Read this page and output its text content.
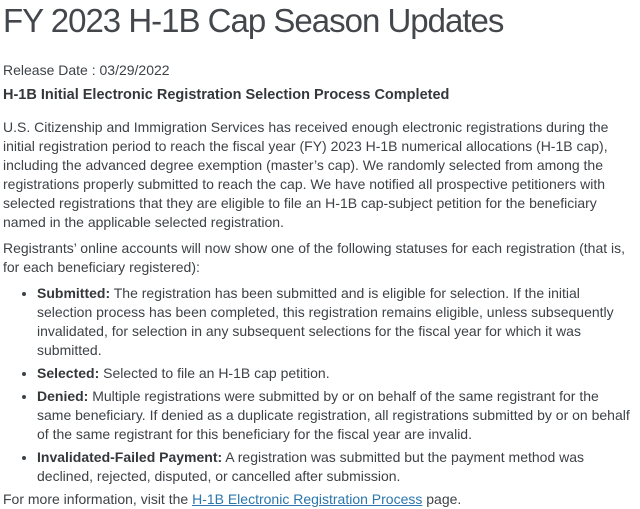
FY 2023 H-1B Cap Season Updates

Release Date : 03/29/2022

H-1B Initial Electronic Registration Selection Process Completed

U.S. Citizenship and Immigration Services has received enough electronic registrations during the initial registration period to reach the fiscal year (FY) 2023 H-1B numerical allocations (H-1B cap), including the advanced degree exemption (master’s cap). We randomly selected from among the registrations properly submitted to reach the cap. We have notified all prospective petitioners with selected registrations that they are eligible to file an H-1B cap-subject petition for the beneficiary named in the applicable selected registration.

Registrants’ online accounts will now show one of the following statuses for each registration (that is, for each beneficiary registered):

• Submitted: The registration has been submitted and is eligible for selection. If the initial selection process has been completed, this registration remains eligible, unless subsequently invalidated, for selection in any subsequent selections for the fiscal year for which it was submitted.
• Selected: Selected to file an H-1B cap petition.
• Denied: Multiple registrations were submitted by or on behalf of the same registrant for the same beneficiary. If denied as a duplicate registration, all registrations submitted by or on behalf of the same registrant for this beneficiary for the fiscal year are invalid.
• Invalidated-Failed Payment: A registration was submitted but the payment method was declined, rejected, disputed, or cancelled after submission.

For more information, visit the H-1B Electronic Registration Process page.
